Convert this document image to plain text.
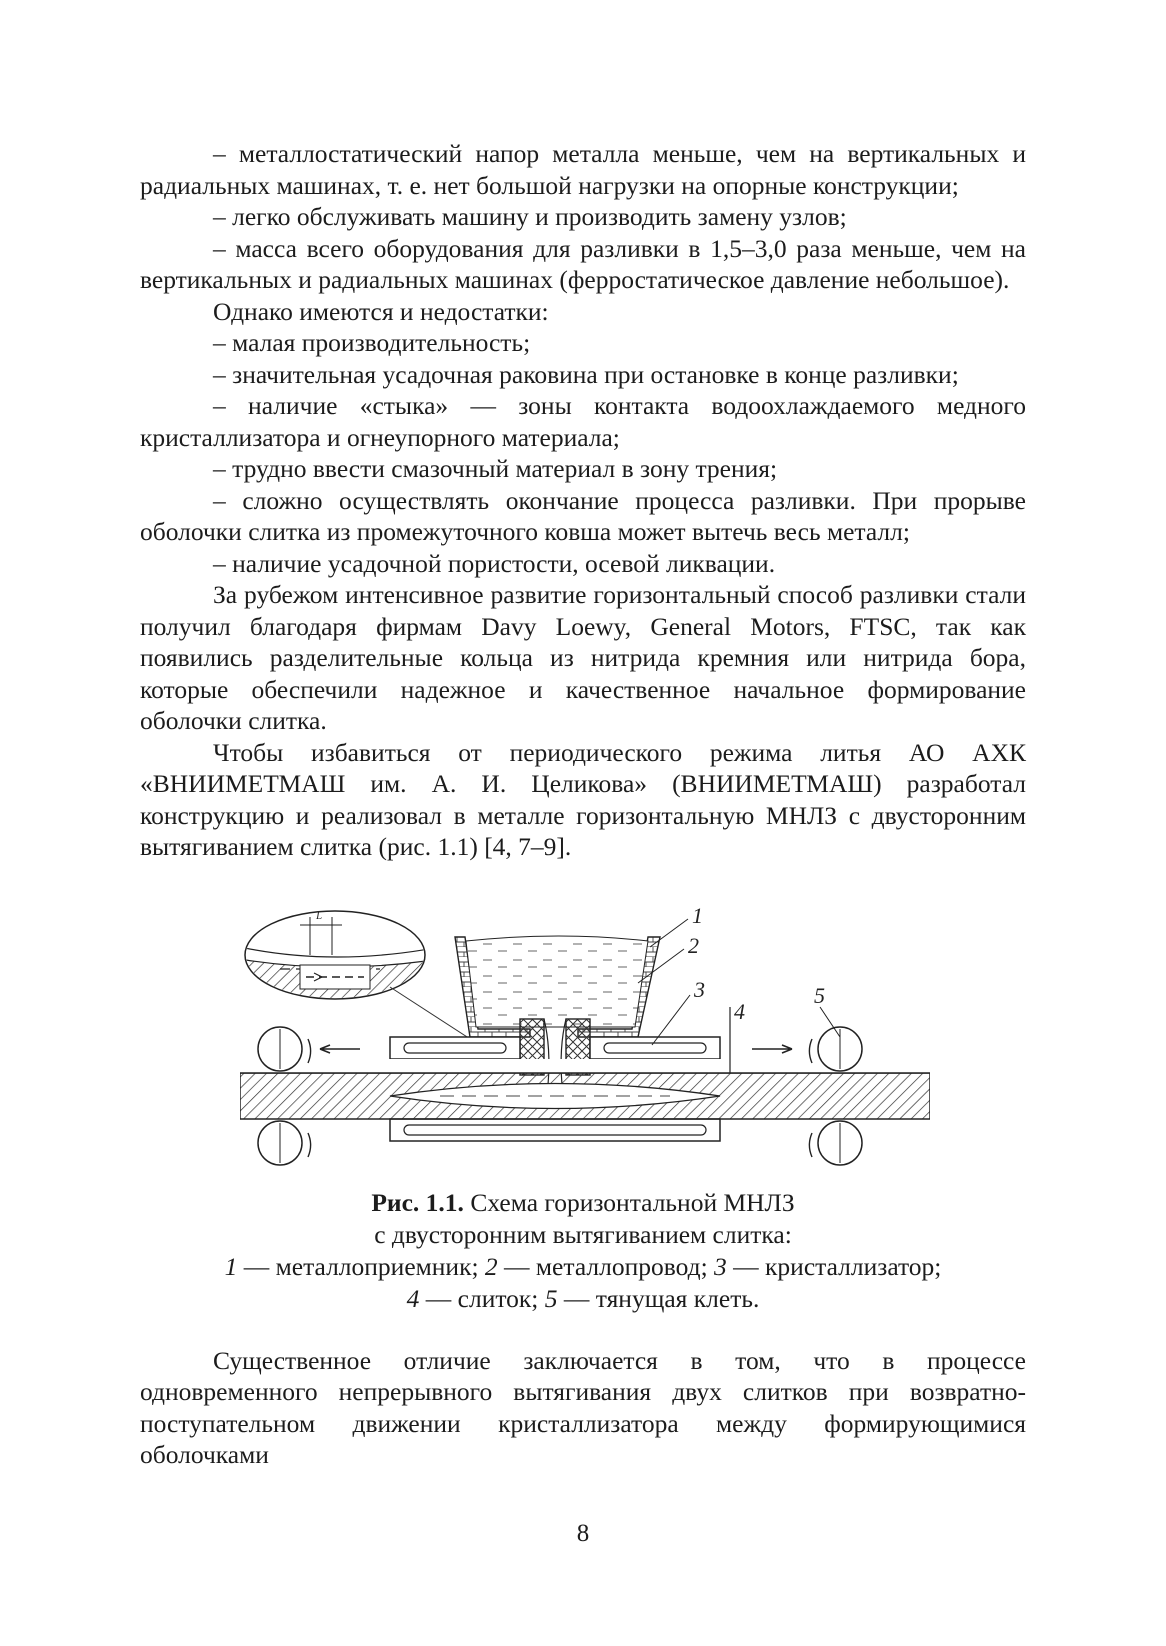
– металлостатический напор металла меньше, чем на вертикальных и радиальных машинах, т. е. нет большой нагрузки на опорные конструкции;

– легко обслуживать машину и производить замену узлов;

– масса всего оборудования для разливки в 1,5–3,0 раза меньше, чем на вертикальных и радиальных машинах (ферростатическое давление небольшое).

Однако имеются и недостатки:

– малая производительность;

– значительная усадочная раковина при остановке в конце разливки;

– наличие «стыка» — зоны контакта водоохлаждаемого медного кристаллизатора и огнеупорного материала;

– трудно ввести смазочный материал в зону трения;

– сложно осуществлять окончание процесса разливки. При прорыве оболочки слитка из промежуточного ковша может вытечь весь металл;

– наличие усадочной пористости, осевой ликвации.

За рубежом интенсивное развитие горизонтальный способ разливки стали получил благодаря фирмам Davy Loewy, General Motors, FTSC, так как появились разделительные кольца из нитрида кремния или нитрида бора, которые обеспечили надежное и качественное начальное формирование оболочки слитка.

Чтобы избавиться от периодического режима литья АО АХК «ВНИИМЕТМАШ им. А. И. Целикова» (ВНИИМЕТМАШ) разработал конструкцию и реализовал в металле горизонтальную МНЛЗ с двусторонним вытягиванием слитка (рис. 1.1) [4, 7–9].

L	1
2
3
4
5
Рис. 1.1. Схема горизонтальной МНЛЗ
с двусторонним вытягиванием слитка:
1 — металлоприемник; 2 — металлопровод; 3 — кристаллизатор;
4 — слиток; 5 — тянущая клеть.

Существенное отличие заключается в том, что в процессе одновременного непрерывного вытягивания двух слитков при возвратно-поступательном движении кристаллизатора между формирующимися оболочками

8
